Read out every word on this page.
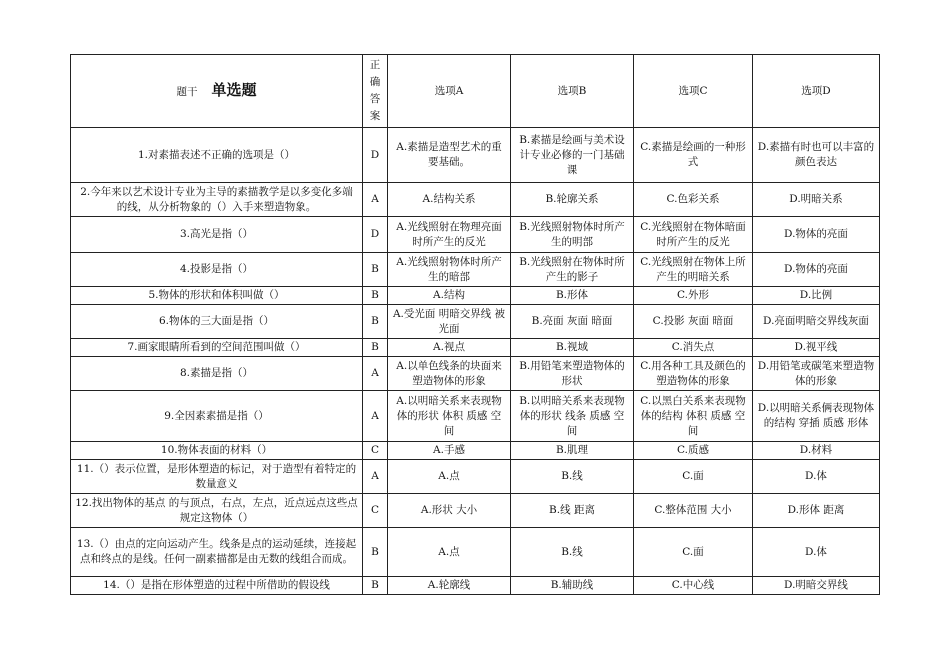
题干 单选题	正
确
答
案	选项A	选项B	选项C	选项D
1.对素描表述不正确的选项是（）	D	A.素描是造型艺术的重要基础。	B.素描是绘画与美术设计专业必修的一门基础课	C.素描是绘画的一种形式	D.素描有时也可以丰富的颜色表达
2.今年来以艺术设计专业为主导的素描教学是以多变化多端的线，从分析物象的（）入手来塑造物象。	A	A.结构关系	B.轮廓关系	C.色彩关系	D.明暗关系
3.高光是指（）	D	A.光线照射在物理亮面时所产生的反光	B.光线照射物体时所产生的明部	C.光线照射在物体暗面时所产生的反光	D.物体的亮面
4.投影是指（）	B	A.光线照射物体时所产生的暗部	B.光线照射在物体时所产生的影子	C.光线照射在物体上所产生的明暗关系	D.物体的亮面
5.物体的形状和体积叫做（）	B	A.结构	B.形体	C.外形	D.比例
6.物体的三大面是指（）	B	A.受光面 明暗交界线 被光面	B.亮面 灰面 暗面	C.投影 灰面 暗面	D.亮面明暗交界线灰面
7.画家眼睛所看到的空间范围叫做（）	B	A.视点	B.视域	C.消失点	D.视平线
8.素描是指（）	A	A.以单色线条的块面来塑造物体的形象	B.用铅笔来塑造物体的形状	C.用各种工具及颜色的塑造物体的形象	D.用铅笔或碳笔来塑造物体的形象
9.全因素素描是指（）	A	A.以明暗关系来表现物体的形状 体积 质感 空间	B.以明暗关系来表现物体的形状 线条 质感 空间	C.以黑白关系来表现物体的结构 体积 质感 空间	D.以明暗关系俩表现物体的结构 穿插 质感 形体
10.物体表面的材料（）	C	A.手感	B.肌理	C.质感	D.材料
11.（）表示位置，是形体塑造的标记，对于造型有着特定的数量意义	A	A.点	B.线	C.面	D.体
12.找出物体的基点 的与顶点，右点，左点，近点远点这些点规定这物体（）	C	A.形状 大小	B.线 距离	C.整体范围 大小	D.形体 距离
13.（）由点的定向运动产生。线条是点的运动延续，连接起点和终点的是线。任何一副素描都是由无数的线组合而成。	B	A.点	B.线	C.面	D.体
14.（）是指在形体塑造的过程中所借助的假设线	B	A.轮廓线	B.辅助线	C.中心线	D.明暗交界线
